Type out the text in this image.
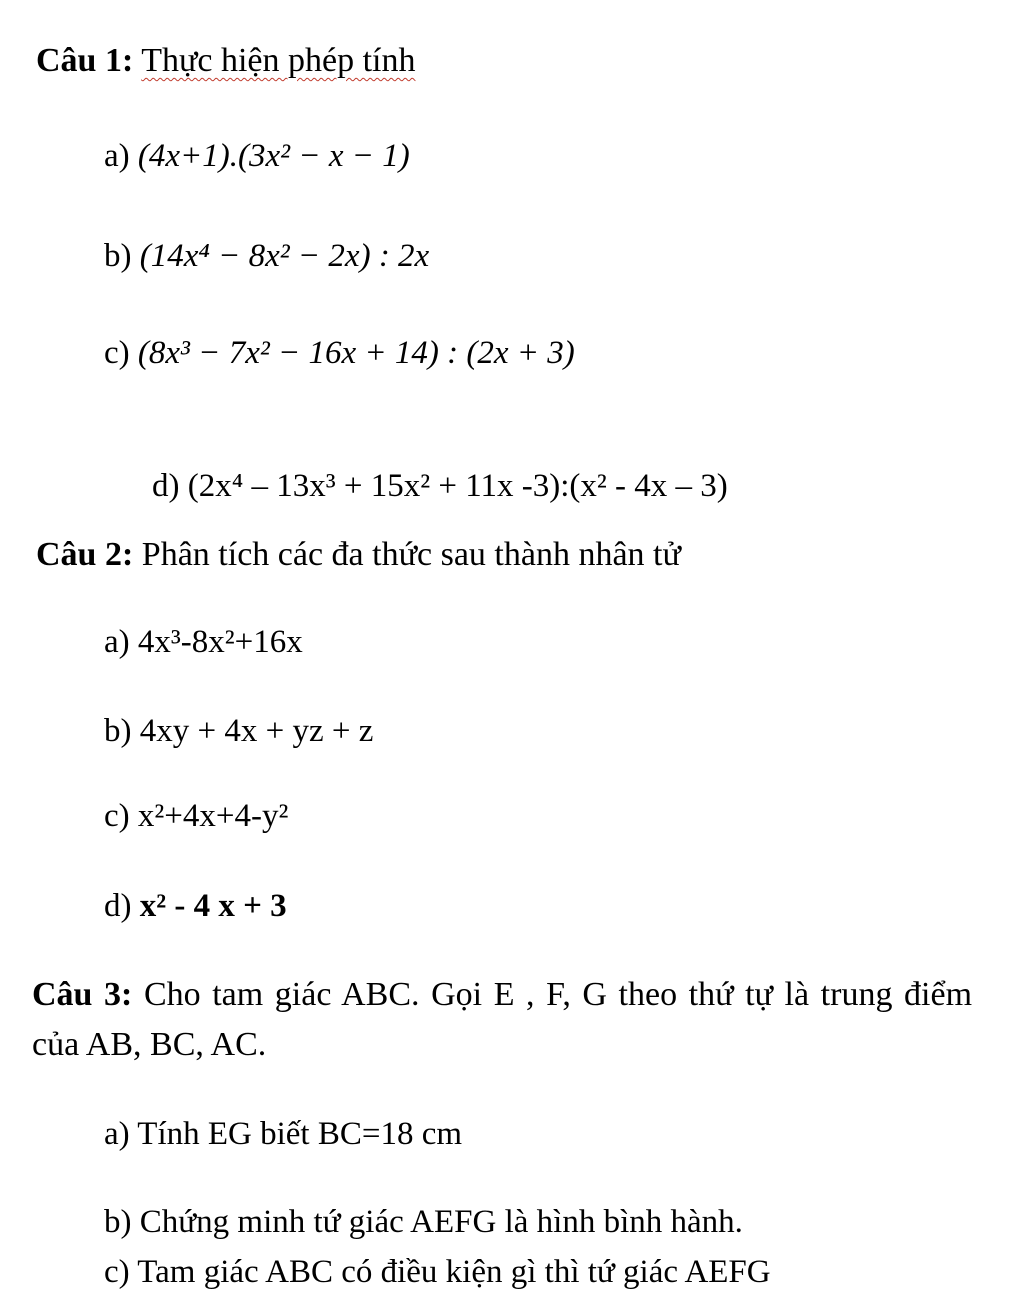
Câu 1: Thực hiện phép tính
a) (4x+1).(3x² − x − 1)
b) (14x⁴ − 8x² − 2x) : 2x
c) (8x³ − 7x² − 16x + 14) : (2x + 3)
d) (2x⁴ – 13x³ + 15x² + 11x -3):(x² - 4x – 3)
Câu 2: Phân tích các đa thức sau thành nhân tử
a) 4x³-8x²+16x
b) 4xy + 4x + yz + z
c) x²+4x+4-y²
d) x² - 4 x + 3
Câu 3: Cho tam giác ABC. Gọi E , F, G theo thứ tự là trung điểm của AB, BC, AC.
a) Tính EG biết BC=18 cm
b) Chứng minh tứ giác AEFG là hình bình hành.
c) Tam giác ABC có điều kiện gì thì tứ giác AEFG
